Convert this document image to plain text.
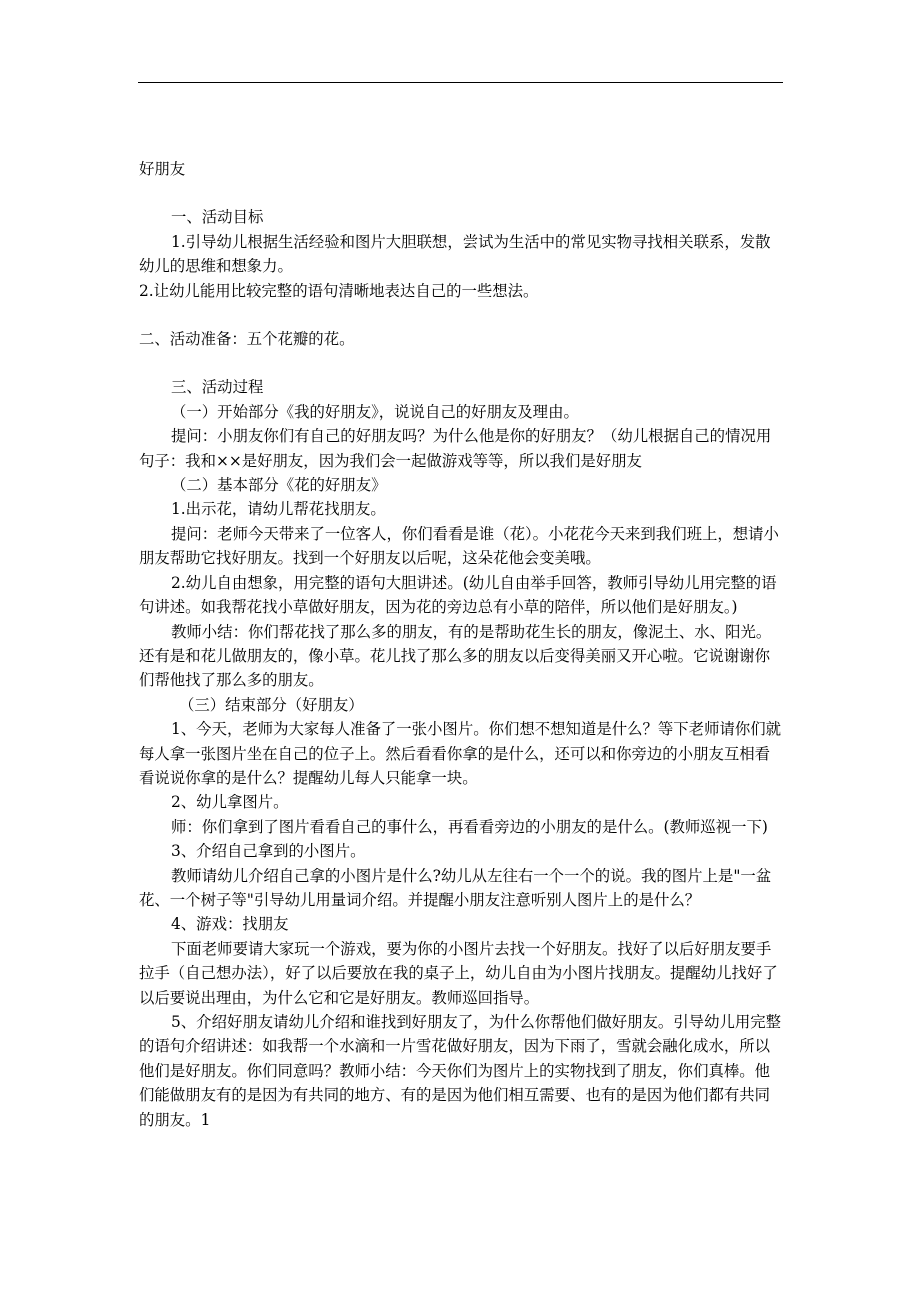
好朋友

一、活动目标

1.引导幼儿根据生活经验和图片大胆联想，尝试为生活中的常见实物寻找相关联系，发散幼儿的思维和想象力。

2.让幼儿能用比较完整的语句清晰地表达自己的一些想法。

二、活动准备：五个花瓣的花。

三、活动过程

（一）开始部分《我的好朋友》，说说自己的好朋友及理由。

提问：小朋友你们有自己的好朋友吗？为什么他是你的好朋友？（幼儿根据自己的情况用句子：我和××是好朋友，因为我们会一起做游戏等等，所以我们是好朋友

（二）基本部分《花的好朋友》

1.出示花，请幼儿帮花找朋友。

提问：老师今天带来了一位客人，你们看看是谁（花）。小花花今天来到我们班上，想请小朋友帮助它找好朋友。找到一个好朋友以后呢，这朵花他会变美哦。

2.幼儿自由想象，用完整的语句大胆讲述。(幼儿自由举手回答，教师引导幼儿用完整的语句讲述。如我帮花找小草做好朋友，因为花的旁边总有小草的陪伴，所以他们是好朋友。)

教师小结：你们帮花找了那么多的朋友，有的是帮助花生长的朋友，像泥土、水、阳光。还有是和花儿做朋友的，像小草。花儿找了那么多的朋友以后变得美丽又开心啦。它说谢谢你们帮他找了那么多的朋友。

（三）结束部分（好朋友）

1、今天，老师为大家每人准备了一张小图片。你们想不想知道是什么？等下老师请你们就每人拿一张图片坐在自己的位子上。然后看看你拿的是什么，还可以和你旁边的小朋友互相看看说说你拿的是什么？提醒幼儿每人只能拿一块。

2、幼儿拿图片。

师：你们拿到了图片看看自己的事什么，再看看旁边的小朋友的是什么。(教师巡视一下)

3、介绍自己拿到的小图片。

教师请幼儿介绍自己拿的小图片是什么?幼儿从左往右一个一个的说。我的图片上是"一盆花、一个树子等"引导幼儿用量词介绍。并提醒小朋友注意听别人图片上的是什么？

4、游戏：找朋友

下面老师要请大家玩一个游戏，要为你的小图片去找一个好朋友。找好了以后好朋友要手拉手（自己想办法），好了以后要放在我的桌子上，幼儿自由为小图片找朋友。提醒幼儿找好了以后要说出理由，为什么它和它是好朋友。教师巡回指导。

5、介绍好朋友请幼儿介绍和谁找到好朋友了，为什么你帮他们做好朋友。引导幼儿用完整的语句介绍讲述：如我帮一个水滴和一片雪花做好朋友，因为下雨了，雪就会融化成水，所以他们是好朋友。你们同意吗？教师小结：今天你们为图片上的实物找到了朋友，你们真棒。他们能做朋友有的是因为有共同的地方、有的是因为他们相互需要、也有的是因为他们都有共同的朋友。1
